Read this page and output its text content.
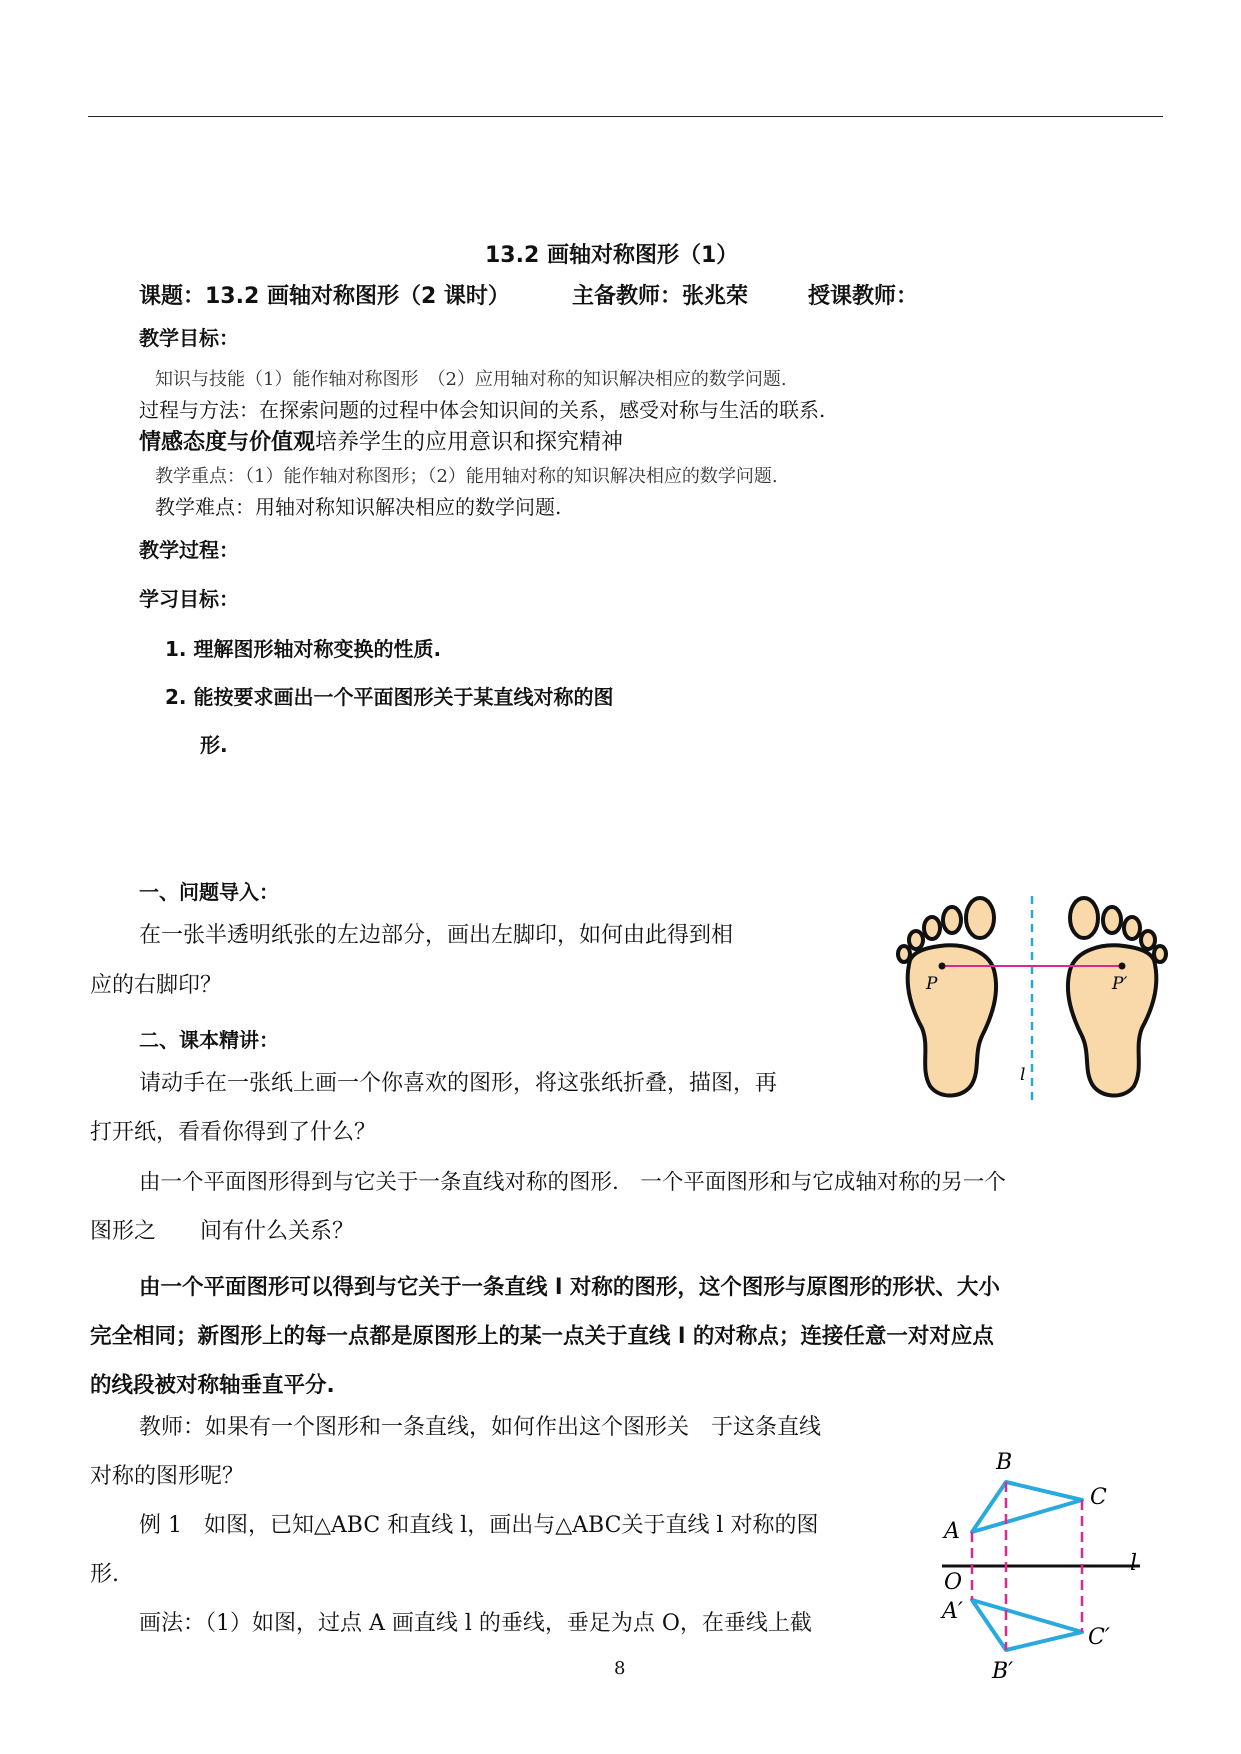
13.2 画轴对称图形（1）
课题：13.2 画轴对称图形（2 课时）	主备教师：张兆荣	授课教师：
教学目标：
知识与技能（1）能作轴对称图形　（2）应用轴对称的知识解决相应的数学问题.
过程与方法：在探索问题的过程中体会知识间的关系，感受对称与生活的联系.
情感态度与价值观培养学生的应用意识和探究精神
教学重点：（1）能作轴对称图形；（2）能用轴对称的知识解决相应的数学问题.
教学难点：用轴对称知识解决相应的数学问题.
教学过程：
学习目标：
1. 理解图形轴对称变换的性质.
2. 能按要求画出一个平面图形关于某直线对称的图
形.
一、问题导入：
在一张半透明纸张的左边部分，画出左脚印，如何由此得到相
应的右脚印？
二、课本精讲：
请动手在一张纸上画一个你喜欢的图形，将这张纸折叠，描图，再
打开纸，看看你得到了什么？
由一个平面图形得到与它关于一条直线对称的图形.　一个平面图形和与它成轴对称的另一个
图形之　　间有什么关系？
由一个平面图形可以得到与它关于一条直线 l 对称的图形，这个图形与原图形的形状、大小
完全相同；新图形上的每一点都是原图形上的某一点关于直线 l 的对称点；连接任意一对对应点
的线段被对称轴垂直平分.
教师：如果有一个图形和一条直线，如何作出这个图形关　于这条直线
对称的图形呢？
例 1　如图，已知△ABC 和直线 l，画出与△ABC关于直线 l 对称的图
形.
画法：（1）如图，过点 A 画直线 l 的垂线，垂足为点 O，在垂线上截
8
P	P′
l
B
C
A
O
A′
C′
B′
l
